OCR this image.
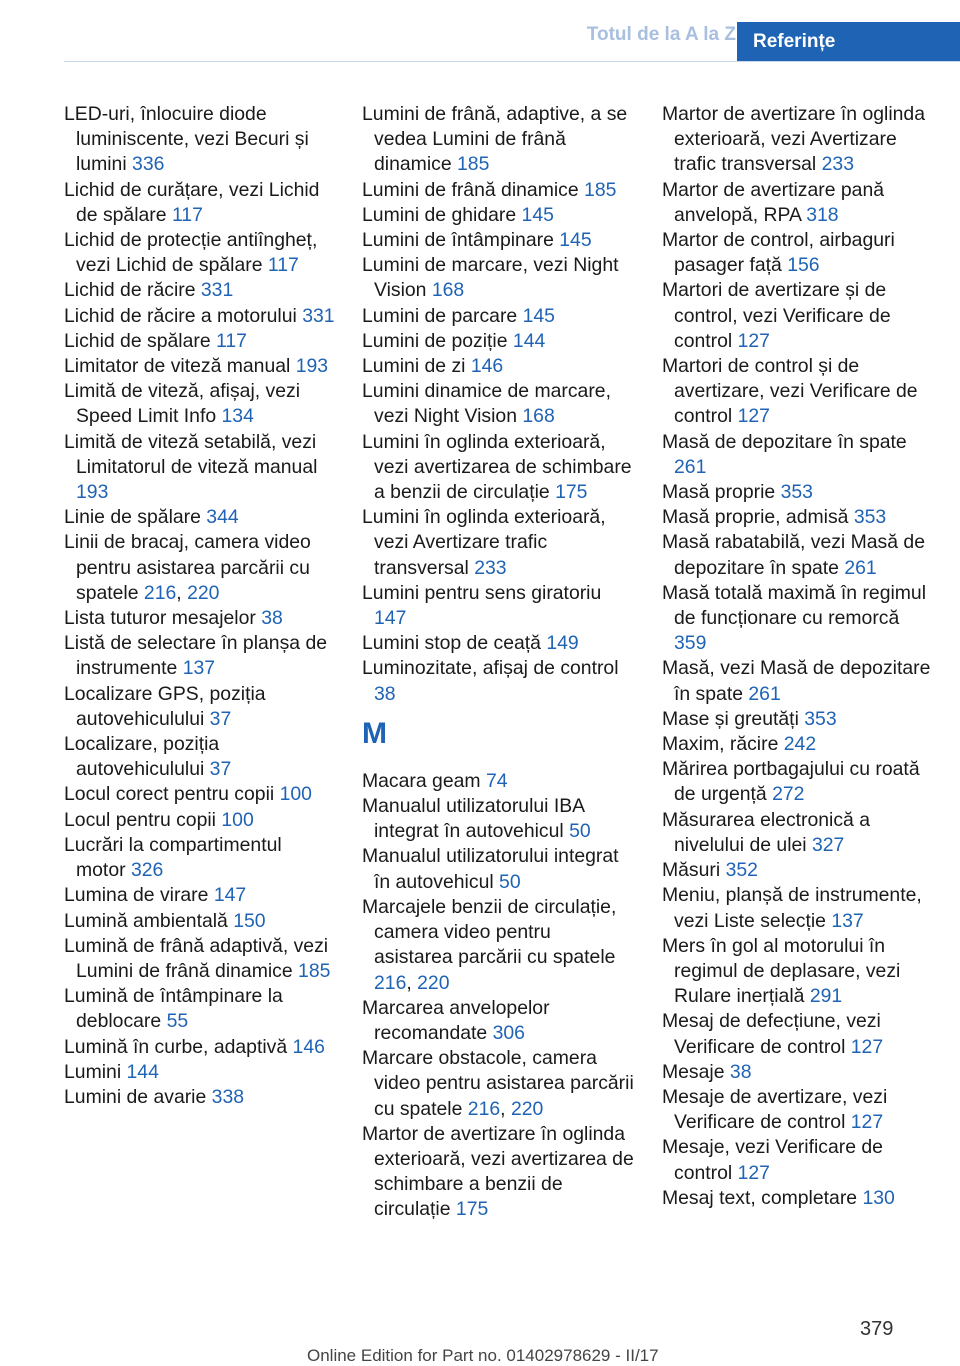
Totul de la A la Z Referințe

LED-uri, înlocuire diode luminiscente, vezi Becuri și lumini 336

Lichid de curățare, vezi Lichid de spălare 117

Lichid de protecție antiîngheț, vezi Lichid de spălare 117

Lichid de răcire 331

Lichid de răcire a motorului 331

Lichid de spălare 117

Limitator de viteză manual 193

Limită de viteză, afișaj, vezi Speed Limit Info 134

Limită de viteză setabilă, vezi Limitatorul de viteză manual 193

Linie de spălare 344

Linii de bracaj, camera video pentru asistarea parcării cu spatele 216, 220

Lista tuturor mesajelor 38

Listă de selectare în planșa de instrumente 137

Localizare GPS, poziția autovehiculului 37

Localizare, poziția autovehiculului 37

Locul corect pentru copii 100

Locul pentru copii 100

Lucrări la compartimentul motor 326

Lumina de virare 147

Lumină ambientală 150

Lumină de frână adaptivă, vezi Lumini de frână dinamice 185

Lumină de întâmpinare la deblocare 55

Lumină în curbe, adaptivă 146

Lumini 144

Lumini de avarie 338

Lumini de frână, adaptive, a se vedea Lumini de frână dinamice 185

Lumini de frână dinamice 185

Lumini de ghidare 145

Lumini de întâmpinare 145

Lumini de marcare, vezi Night Vision 168

Lumini de parcare 145

Lumini de poziție 144

Lumini de zi 146

Lumini dinamice de marcare, vezi Night Vision 168

Lumini în oglinda exterioară, vezi avertizarea de schimbare a benzii de circulație 175

Lumini în oglinda exterioară, vezi Avertizare trafic transversal 233

Lumini pentru sens giratoriu 147

Lumini stop de ceață 149

Luminozitate, afișaj de control 38

M

Macara geam 74

Manualul utilizatorului IBA integrat în autovehicul 50

Manualul utilizatorului integrat în autovehicul 50

Marcajele benzii de circulație, camera video pentru asistarea parcării cu spatele 216, 220

Marcarea anvelopelor recomandate 306

Marcare obstacole, camera video pentru asistarea parcării cu spatele 216, 220

Martor de avertizare în oglinda exterioară, vezi avertizarea de schimbare a benzii de circulație 175

Martor de avertizare în oglinda exterioară, vezi Avertizare trafic transversal 233

Martor de avertizare pană anvelopă, RPA 318

Martor de control, airbaguri pasager față 156

Martori de avertizare și de control, vezi Verificare de control 127

Martori de control și de avertizare, vezi Verificare de control 127

Masă de depozitare în spate 261

Masă proprie 353

Masă proprie, admisă 353

Masă rabatabilă, vezi Masă de depozitare în spate 261

Masă totală maximă în regimul de funcționare cu remorcă 359

Masă, vezi Masă de depozitare în spate 261

Mase și greutăți 353

Maxim, răcire 242

Mărirea portbagajului cu roată de urgență 272

Măsurarea electronică a nivelului de ulei 327

Măsuri 352

Meniu, planșă de instrumente, vezi Liste selecție 137

Mers în gol al motorului în regimul de deplasare, vezi Rulare inerțială 291

Mesaj de defecțiune, vezi Verificare de control 127

Mesaje 38

Mesaje de avertizare, vezi Verificare de control 127

Mesaje, vezi Verificare de control 127

Mesaj text, completare 130

379
Online Edition for Part no. 01402978629 - II/17
